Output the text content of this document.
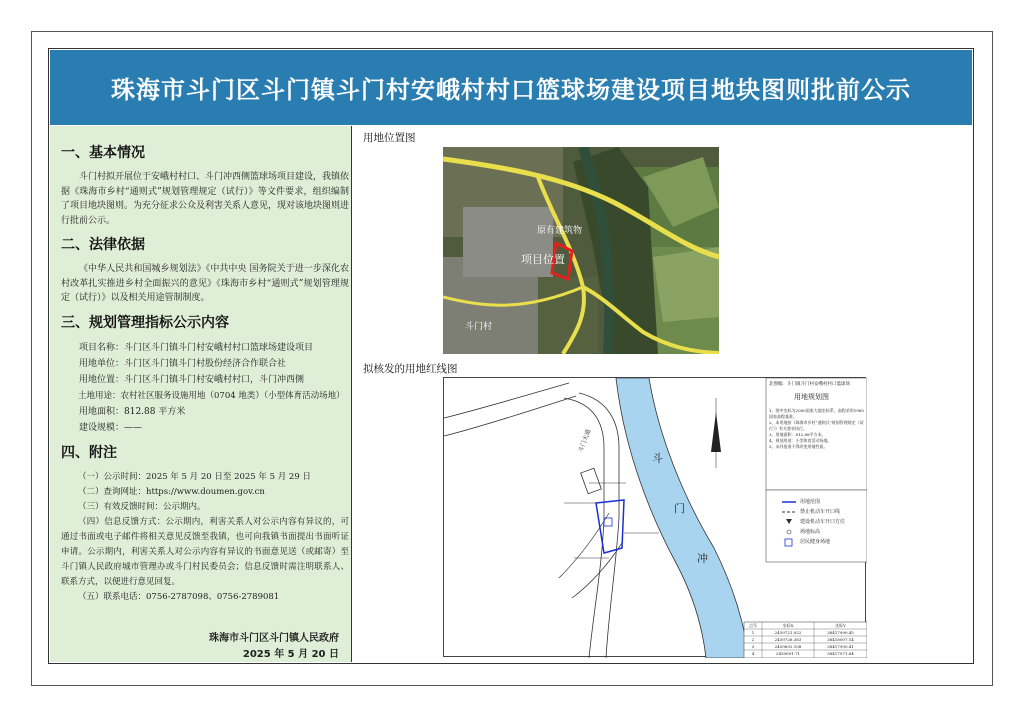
珠海市斗门区斗门镇斗门村安峨村村口篮球场建设项目地块图则批前公示
一、基本情况

斗门村拟开展位于安峨村村口、斗门冲西侧篮球场项目建设，我镇依据《珠海市乡村“通则式”规划管理规定（试行）》等文件要求，组织编制了项目地块图则。为充分征求公众及利害关系人意见，现对该地块图则进行批前公示。

二、法律依据

《中华人民共和国城乡规划法》《中共中央 国务院关于进一步深化农村改革扎实推进乡村全面振兴的意见》《珠海市乡村“通则式”规划管理规定（试行）》以及相关用途管制制度。

三、规划管理指标公示内容
项目名称：斗门区斗门镇斗门村安峨村村口篮球场建设项目
用地单位：斗门区斗门镇斗门村股份经济合作联合社
用地位置：斗门区斗门镇斗门村安峨村村口，斗门冲西侧
土地用途：农村社区服务设施用地（0704 地类）（小型体育活动场地）
用地面积：812.88 平方米
建设规模：——
四、附注
（一）公示时间：2025 年 5 月 20 日至 2025 年 5 月 29 日
（二）查询网址：https://www.doumen.gov.cn
（三）有效反馈时间：公示期内。
（四）信息反馈方式：公示期内，利害关系人对公示内容有异议的，可通过书面或电子邮件将相关意见反馈至我镇，也可向我镇书面提出书面听证申请。公示期内，利害关系人对公示内容有异议的书面意见送（或邮寄）至斗门镇人民政府城市管理办或斗门村民委员会；信息反馈时需注明联系人、联系方式，以便进行意见回复。
（五）联系电话：0756-2787098、0756-2789081
珠海市斗门区斗门镇人民政府
2025 年 5 月 20 日
用地位置图
原有建筑物
项目位置
斗门村
拟核发的用地红线图
斗
门
冲
斗门大道
北图幅：斗门镇斗门村安峨村村口篮球场
用地规划图
1、图中坐标为2000国家大地坐标系，高程采用1985国家高程基准。
2、本用地按《珠海市乡村“通则式”规划管理规定（试行）》有关要求执行。
3、用地面积：812.88平方米。
4、规划用途：小型体育活动场地。
5、未经批准不得改变用地性质。
用地范围
禁止机动车开口线
建设机动车开口方位
场地标高
居民健身场地
点号	坐标X	坐标Y
1	2459721.922	38417990.45
2	2459726.363	38418007.14
3	2459692.108	38417990.41
4	2459691.71	38417971.64
